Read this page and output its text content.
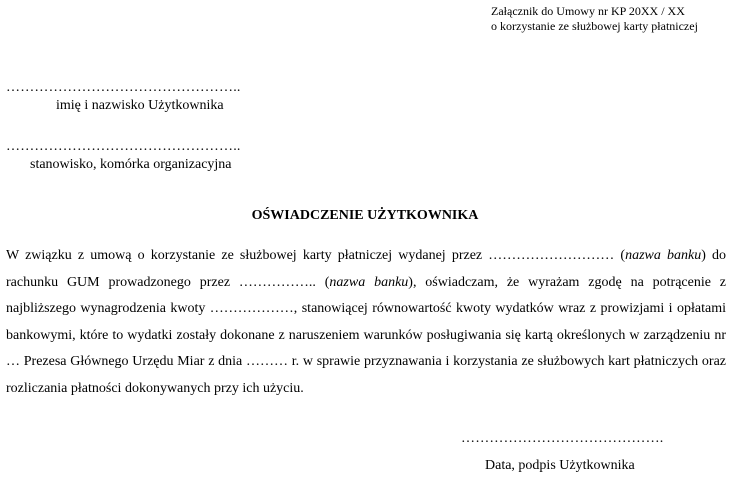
Załącznik do Umowy nr KP 20XX / XX
o korzystanie ze służbowej karty płatniczej
…………………………………………..
imię i nazwisko Użytkownika
…………………………………………..
stanowisko, komórka organizacyjna
OŚWIADCZENIE UŻYTKOWNIKA
W związku z umową o korzystanie ze służbowej karty płatniczej wydanej przez ……………………… (nazwa banku) do rachunku GUM prowadzonego przez …………….. (nazwa banku), oświadczam, że wyrażam zgodę na potrącenie z najbliższego wynagrodzenia kwoty ………………, stanowiącej równowartość kwoty wydatków wraz z prowizjami i opłatami bankowymi, które to wydatki zostały dokonane z naruszeniem warunków posługiwania się kartą określonych w zarządzeniu nr … Prezesa Głównego Urzędu Miar z dnia ……… r. w sprawie przyznawania i korzystania ze służbowych kart płatniczych oraz rozliczania płatności dokonywanych przy ich użyciu.
…………………………………….
Data, podpis Użytkownika
